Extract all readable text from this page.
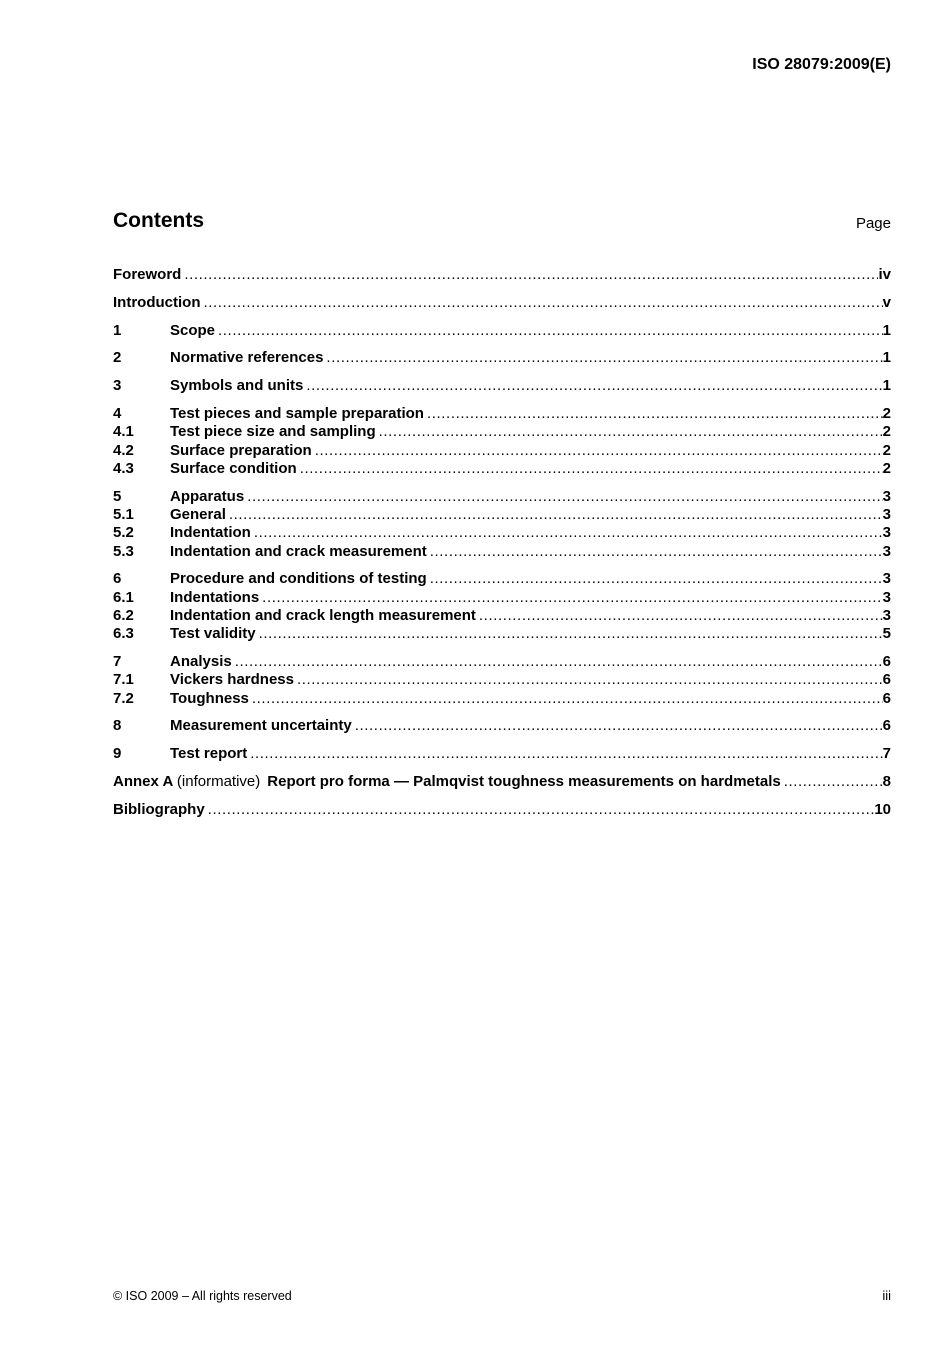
ISO 28079:2009(E)
Contents	Page
Foreword .....	iv
Introduction .....	v
1	Scope .....	1
2	Normative references .....	1
3	Symbols and units .....	1
4	Test pieces and sample preparation .....	2
4.1	Test piece size and sampling .....	2
4.2	Surface preparation .....	2
4.3	Surface condition .....	2
5	Apparatus .....	3
5.1	General .....	3
5.2	Indentation .....	3
5.3	Indentation and crack measurement .....	3
6	Procedure and conditions of testing .....	3
6.1	Indentations .....	3
6.2	Indentation and crack length measurement .....	3
6.3	Test validity .....	5
7	Analysis .....	6
7.1	Vickers hardness .....	6
7.2	Toughness .....	6
8	Measurement uncertainty .....	6
9	Test report .....	7
Annex A (informative) Report pro forma — Palmqvist toughness measurements on hardmetals .....	8
Bibliography .....	10
© ISO 2009 – All rights reserved	iii
